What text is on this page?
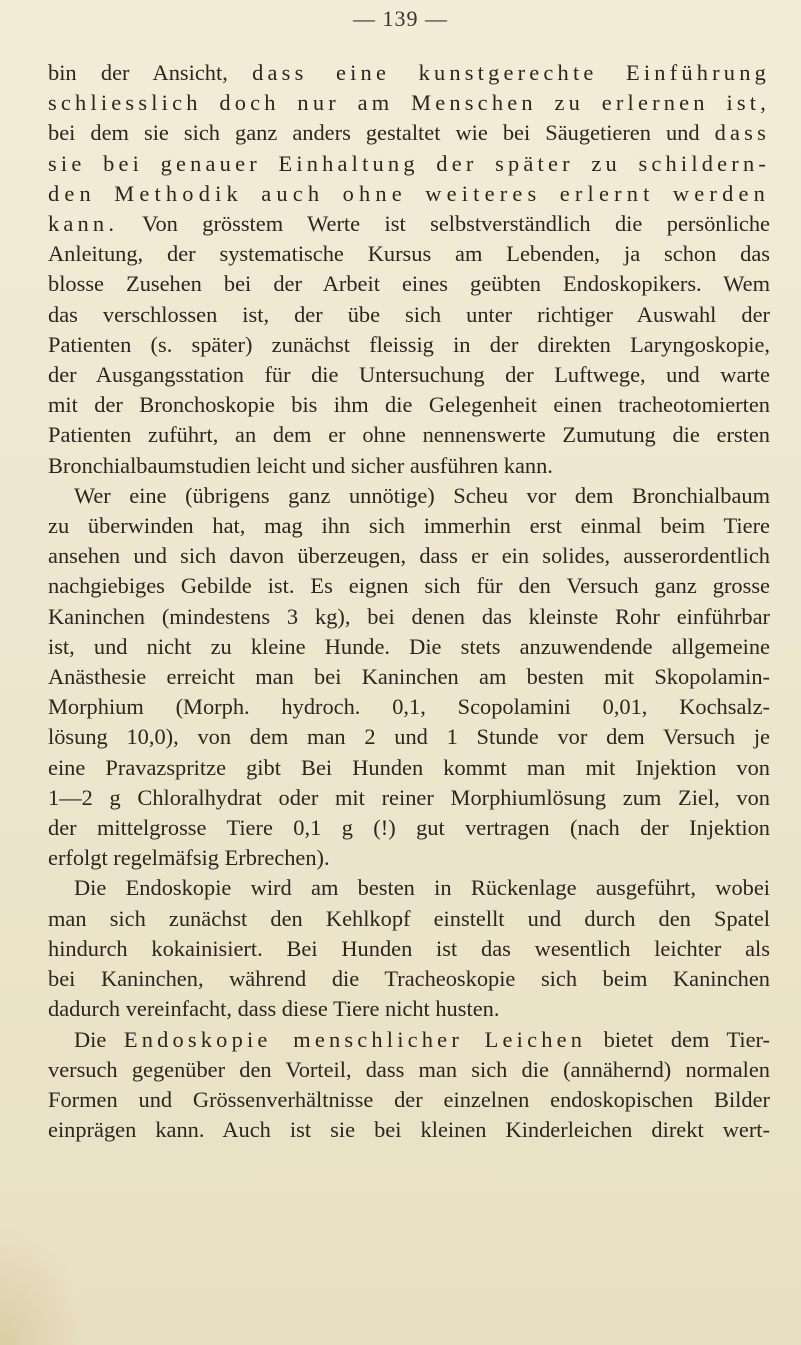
— 139 —
bin der Ansicht, dass eine kunstgerechte Einführung
schliesslich doch nur am Menschen zu erlernen ist,
bei dem sie sich ganz anders gestaltet wie bei Säugetieren und dass
sie bei genauer Einhaltung der später zu schildern-
den Methodik auch ohne weiteres erlernt werden
kann. Von grösstem Werte ist selbstverständlich die persönliche
Anleitung, der systematische Kursus am Lebenden, ja schon das
blosse Zusehen bei der Arbeit eines geübten Endoskopikers. Wem
das verschlossen ist, der übe sich unter richtiger Auswahl der
Patienten (s. später) zunächst fleissig in der direkten Laryngoskopie,
der Ausgangsstation für die Untersuchung der Luftwege, und warte
mit der Bronchoskopie bis ihm die Gelegenheit einen tracheotomierten
Patienten zuführt, an dem er ohne nennenswerte Zumutung die ersten
Bronchialbaumstudien leicht und sicher ausführen kann.
Wer eine (übrigens ganz unnötige) Scheu vor dem Bronchialbaum
zu überwinden hat, mag ihn sich immerhin erst einmal beim Tiere
ansehen und sich davon überzeugen, dass er ein solides, ausserordentlich
nachgiebiges Gebilde ist. Es eignen sich für den Versuch ganz grosse
Kaninchen (mindestens 3 kg), bei denen das kleinste Rohr einführbar
ist, und nicht zu kleine Hunde. Die stets anzuwendende allgemeine
Anästhesie erreicht man bei Kaninchen am besten mit Skopolamin-
Morphium (Morph. hydroch. 0,1, Scopolamini 0,01, Kochsalz-
lösung 10,0), von dem man 2 und 1 Stunde vor dem Versuch je
eine Pravazspritze gibt Bei Hunden kommt man mit Injektion von
1—2 g Chloralhydrat oder mit reiner Morphiumlösung zum Ziel, von
der mittelgrosse Tiere 0,1 g (!) gut vertragen (nach der Injektion
erfolgt regelmäfsig Erbrechen).
Die Endoskopie wird am besten in Rückenlage ausgeführt, wobei
man sich zunächst den Kehlkopf einstellt und durch den Spatel
hindurch kokainisiert. Bei Hunden ist das wesentlich leichter als
bei Kaninchen, während die Tracheoskopie sich beim Kaninchen
dadurch vereinfacht, dass diese Tiere nicht husten.
Die Endoskopie menschlicher Leichen bietet dem Tier-
versuch gegenüber den Vorteil, dass man sich die (annähernd) normalen
Formen und Grössenverhältnisse der einzelnen endoskopischen Bilder
einprägen kann. Auch ist sie bei kleinen Kinderleichen direkt wert-
